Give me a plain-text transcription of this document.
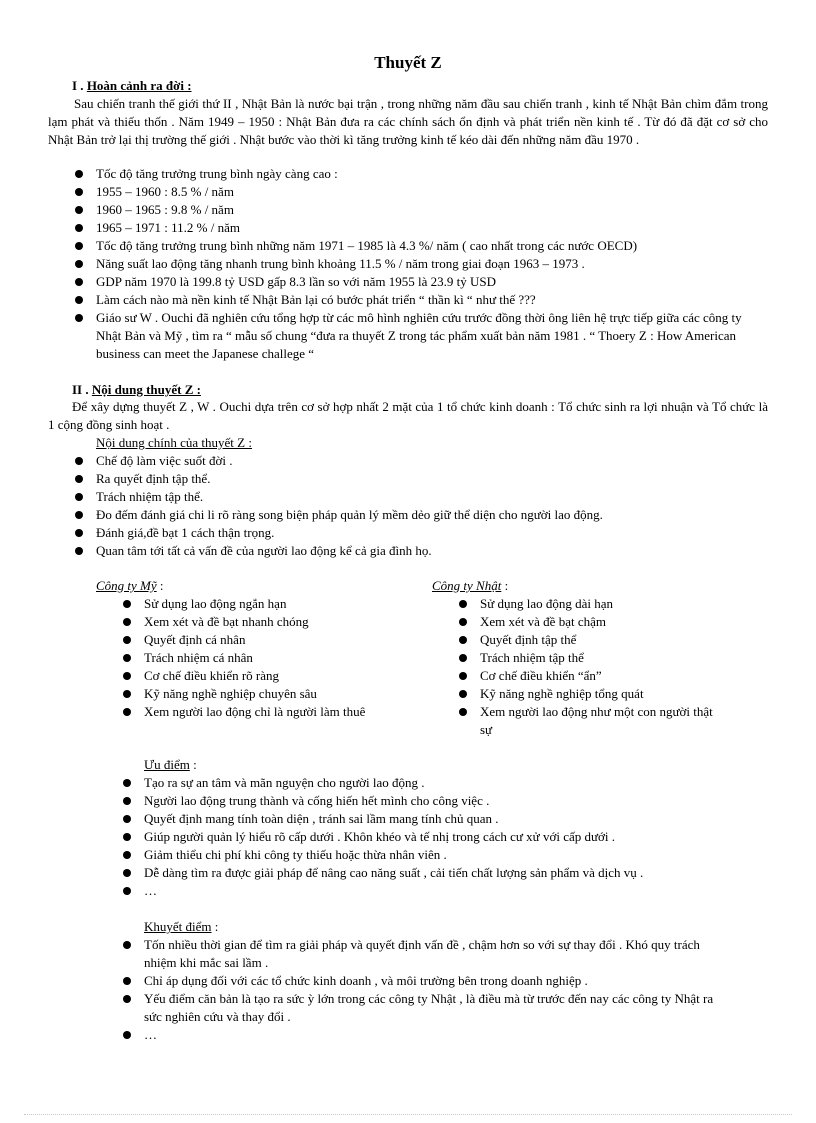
Thuyết Z
I . Hoàn cảnh ra đời :
Sau chiến tranh thế giới thứ II , Nhật Bản là nước bại trận , trong những năm đầu sau chiến tranh , kinh tế Nhật Bản chìm đắm trong lạm phát và thiếu thốn . Năm 1949 – 1950 : Nhật Bản đưa ra các chính sách ổn định và phát triển nền kinh tế . Từ đó đã đặt cơ sở cho Nhật Bản trở lại thị trường thế giới . Nhật bước vào thời kì tăng trưởng kinh tế kéo dài đến những năm đầu 1970 .
Tốc độ tăng trưởng trung bình ngày càng cao :
1955 – 1960 : 8.5 % / năm
1960 – 1965 : 9.8 % / năm
1965 – 1971 : 11.2 % / năm
Tốc độ tăng trưởng trung bình những năm 1971 – 1985 là 4.3 %/ năm ( cao nhất trong các nước OECD)
Năng suất lao động tăng nhanh trung bình khoảng 11.5 % / năm trong giai đoạn 1963 – 1973 .
GDP năm 1970 là 199.8 tỷ USD gấp 8.3 lần so với năm 1955 là 23.9 tỷ USD
Làm cách nào mà nền kinh tế Nhật Bản lại có bước phát triển “ thần kì “ như thế ???
Giáo sư W . Ouchi đã nghiên cứu tổng hợp từ các mô hình nghiên cứu trước đồng thời ông liên hệ trực tiếp giữa các công ty Nhật Bản và Mỹ , tìm ra “ mẫu số chung “đưa ra thuyết Z trong tác phẩm xuất bản năm 1981 . “ Thoery Z : How American business can meet the Japanese challege “
II . Nội dung thuyết Z :
Để xây dựng thuyết Z , W . Ouchi dựa trên cơ sở hợp nhất 2 mặt của 1 tổ chức kinh doanh : Tổ chức sinh ra lợi nhuận và Tổ chức là 1 cộng đồng sinh hoạt .
Nội dung chính của thuyết Z :
Chế độ làm việc suốt đời .
Ra quyết định tập thể.
Trách nhiệm tập thể.
Đo đếm đánh giá chi li rõ ràng song biện pháp quản lý mềm dẻo giữ thể diện cho người lao động.
Đánh giá,đề bạt 1 cách thận trọng.
Quan tâm tới tất cả vấn đề của người lao động kể cả gia đình họ.
Công ty Mỹ :
Sử dụng lao động ngắn hạn
Xem xét và đề bạt nhanh chóng
Quyết định cá nhân
Trách nhiệm cá nhân
Cơ chế điều khiển rõ ràng
Kỹ năng nghề nghiệp chuyên sâu
Xem người lao động chỉ là người làm thuê
Công ty Nhật :
Sử dụng lao động dài hạn
Xem xét và đề bạt chậm
Quyết định tập thể
Trách nhiệm tập thể
Cơ chế điều khiển “ẩn”
Kỹ năng nghề nghiệp tổng quát
Xem người lao động như một con người thật sự
Ưu điểm :
Tạo ra sự an tâm và mãn nguyện cho người lao động .
Người lao động trung thành và cống hiến hết mình cho công việc .
Quyết định mang tính toàn diện , tránh sai lầm mang tính chủ quan .
Giúp người quản lý hiểu rõ cấp dưới . Khôn khéo và tế nhị trong cách cư xử với cấp dưới .
Giảm thiểu chi phí khi công ty thiếu hoặc thừa nhân viên .
Dễ dàng tìm ra được giải pháp để nâng cao năng suất , cải tiến chất lượng sản phẩm và dịch vụ .
…
Khuyết điểm :
Tốn nhiều thời gian để tìm ra giải pháp và quyết định vấn đề , chậm hơn so với sự thay đổi . Khó quy trách nhiệm khi mắc sai lầm .
Chỉ áp dụng đối với các tổ chức kinh doanh , và môi trường bên trong doanh nghiệp .
Yếu điểm căn bản là tạo ra sức ỳ lớn trong các công ty Nhật , là điều mà từ trước đến nay các công ty Nhật ra sức nghiên cứu và thay đổi .
…
